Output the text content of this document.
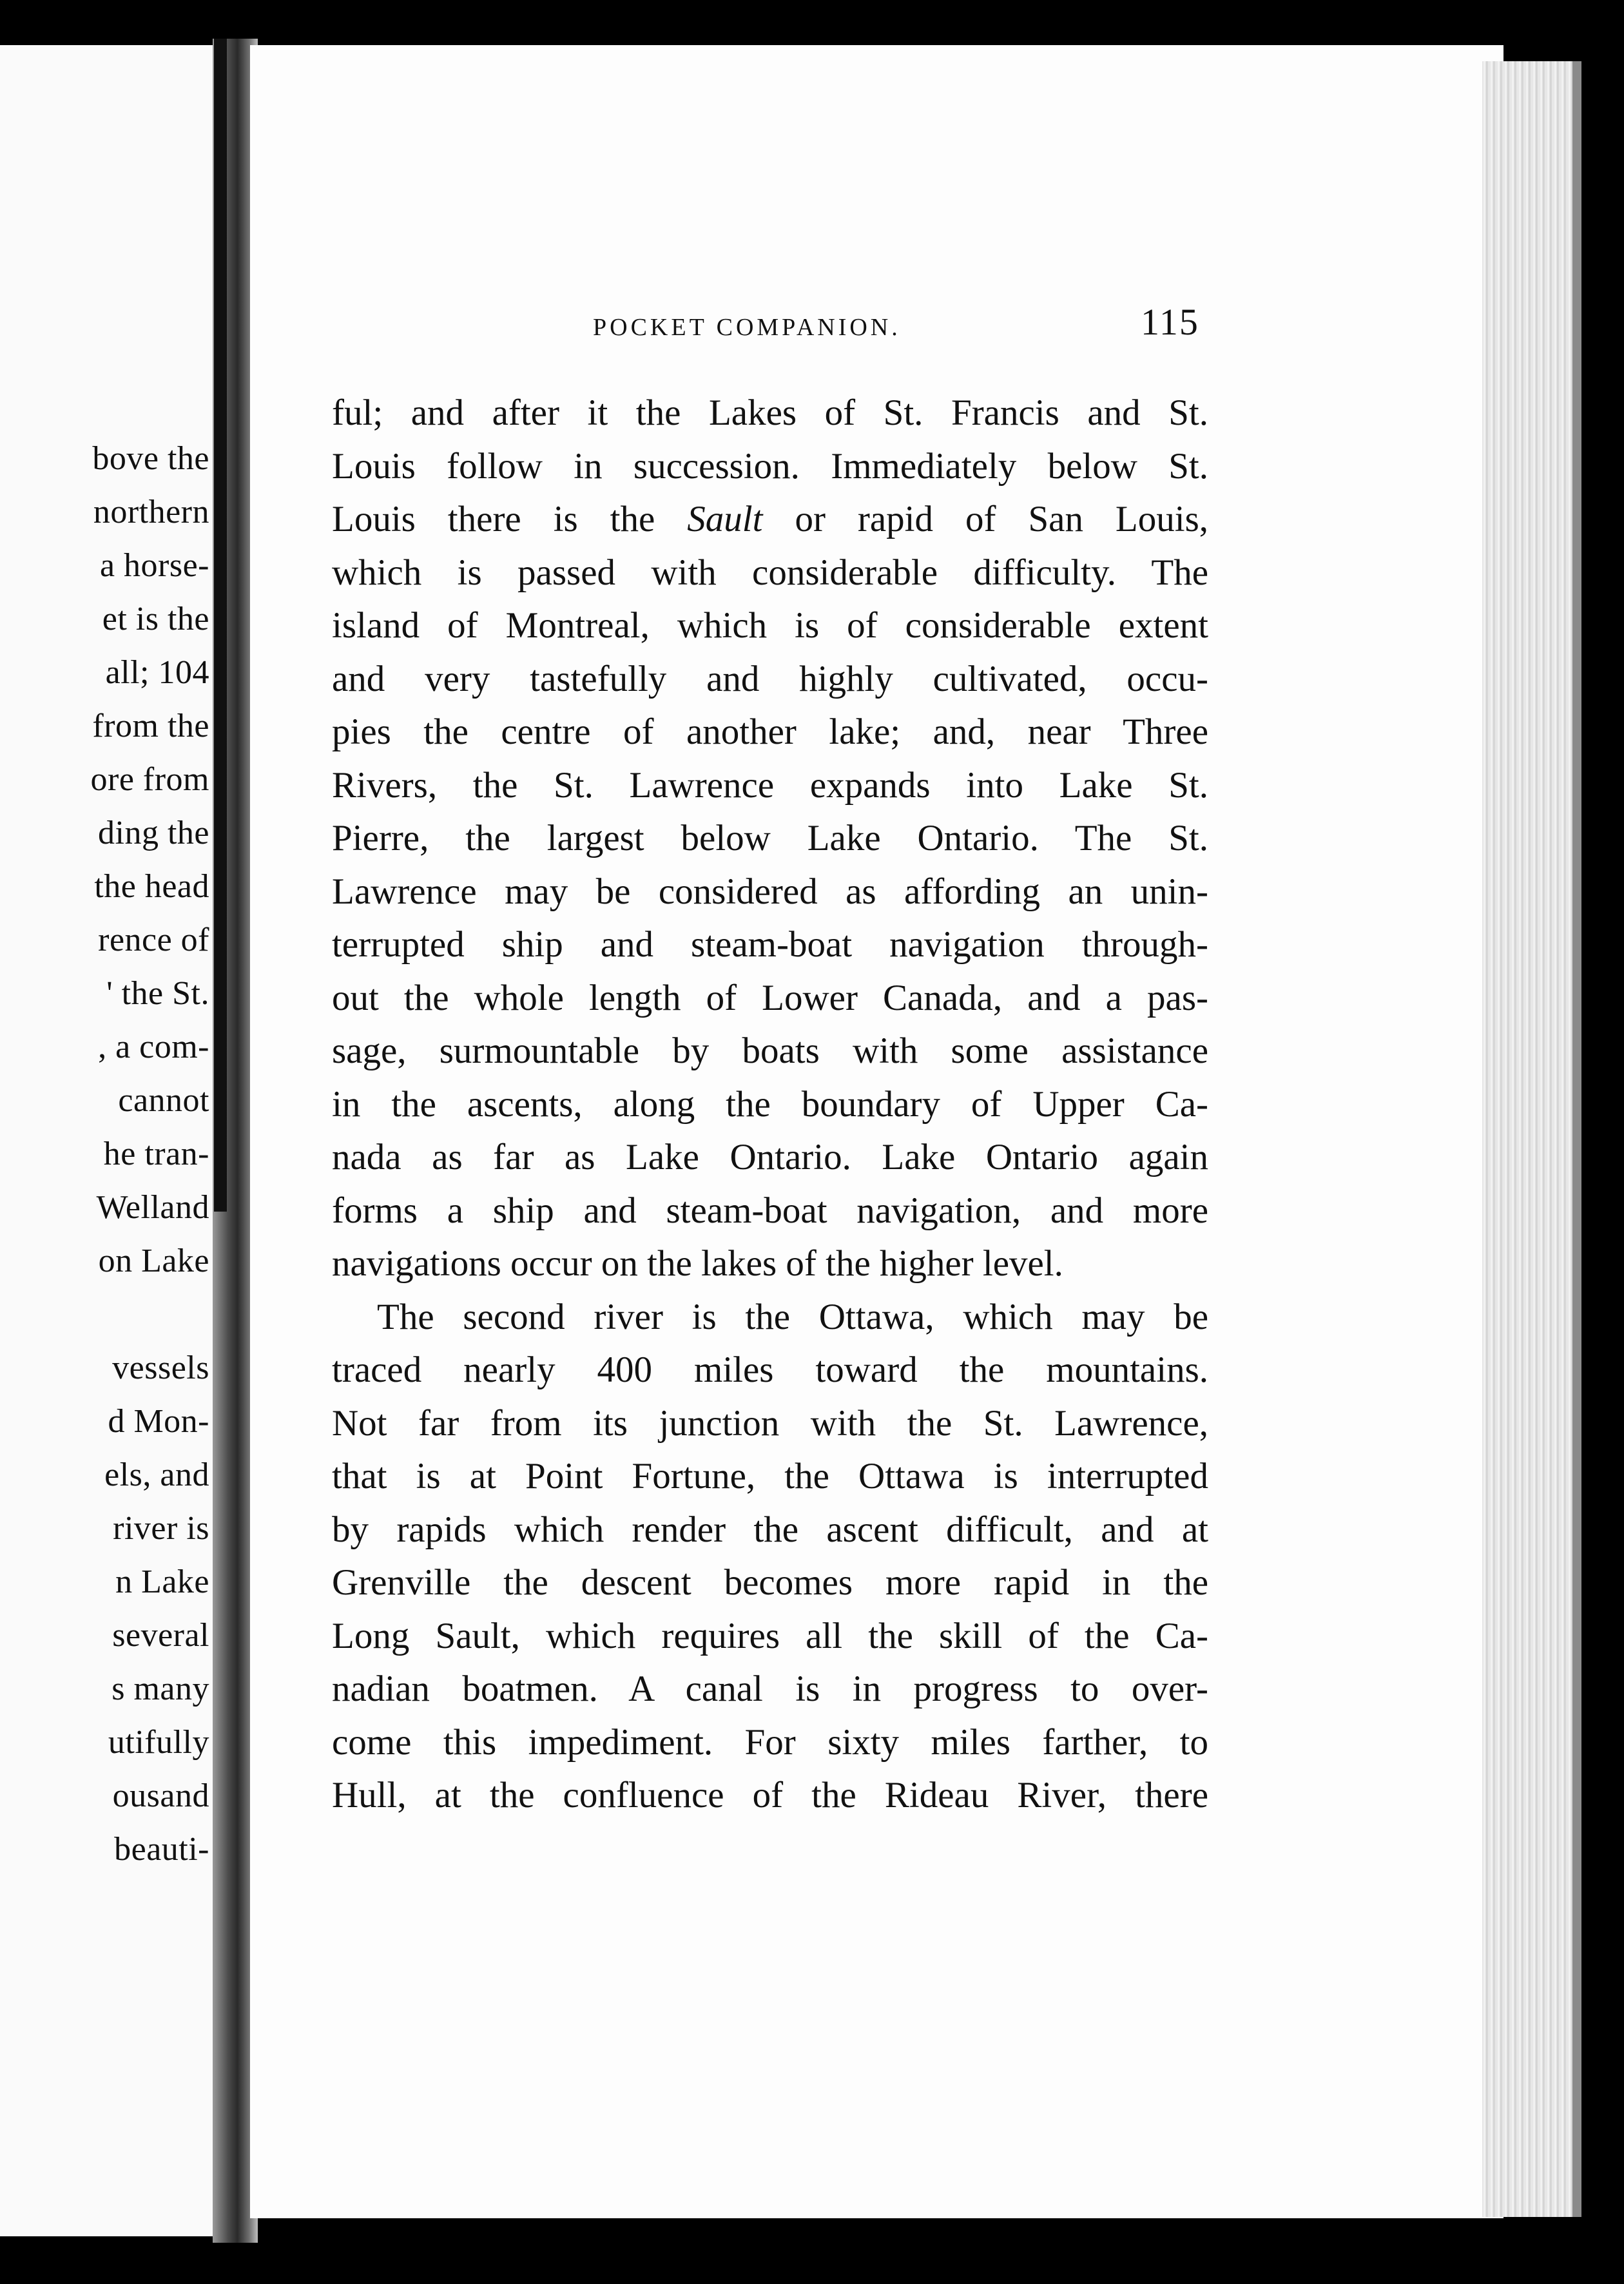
bove the
northern
a horse-
et is the
all; 104
from the
ore from
ding the
the head
rence of
' the St.
, a com-
cannot
he tran-
Welland
on Lake
vessels
d Mon-
els, and
river is
n Lake
several
s many
utifully
ousand
beauti-
POCKET COMPANION.	115
ful; and after it the Lakes of St. Francis and St.
Louis follow in succession. Immediately below St.
Louis there is the Sault or rapid of San Louis,
which is passed with considerable difficulty. The
island of Montreal, which is of considerable extent
and very tastefully and highly cultivated, occu-
pies the centre of another lake; and, near Three
Rivers, the St. Lawrence expands into Lake St.
Pierre, the largest below Lake Ontario. The St.
Lawrence may be considered as affording an unin-
terrupted ship and steam-boat navigation through-
out the whole length of Lower Canada, and a pas-
sage, surmountable by boats with some assistance
in the ascents, along the boundary of Upper Ca-
nada as far as Lake Ontario. Lake Ontario again
forms a ship and steam-boat navigation, and more
navigations occur on the lakes of the higher level.
The second river is the Ottawa, which may be
traced nearly 400 miles toward the mountains.
Not far from its junction with the St. Lawrence,
that is at Point Fortune, the Ottawa is interrupted
by rapids which render the ascent difficult, and at
Grenville the descent becomes more rapid in the
Long Sault, which requires all the skill of the Ca-
nadian boatmen. A canal is in progress to over-
come this impediment. For sixty miles farther, to
Hull, at the confluence of the Rideau River, there
